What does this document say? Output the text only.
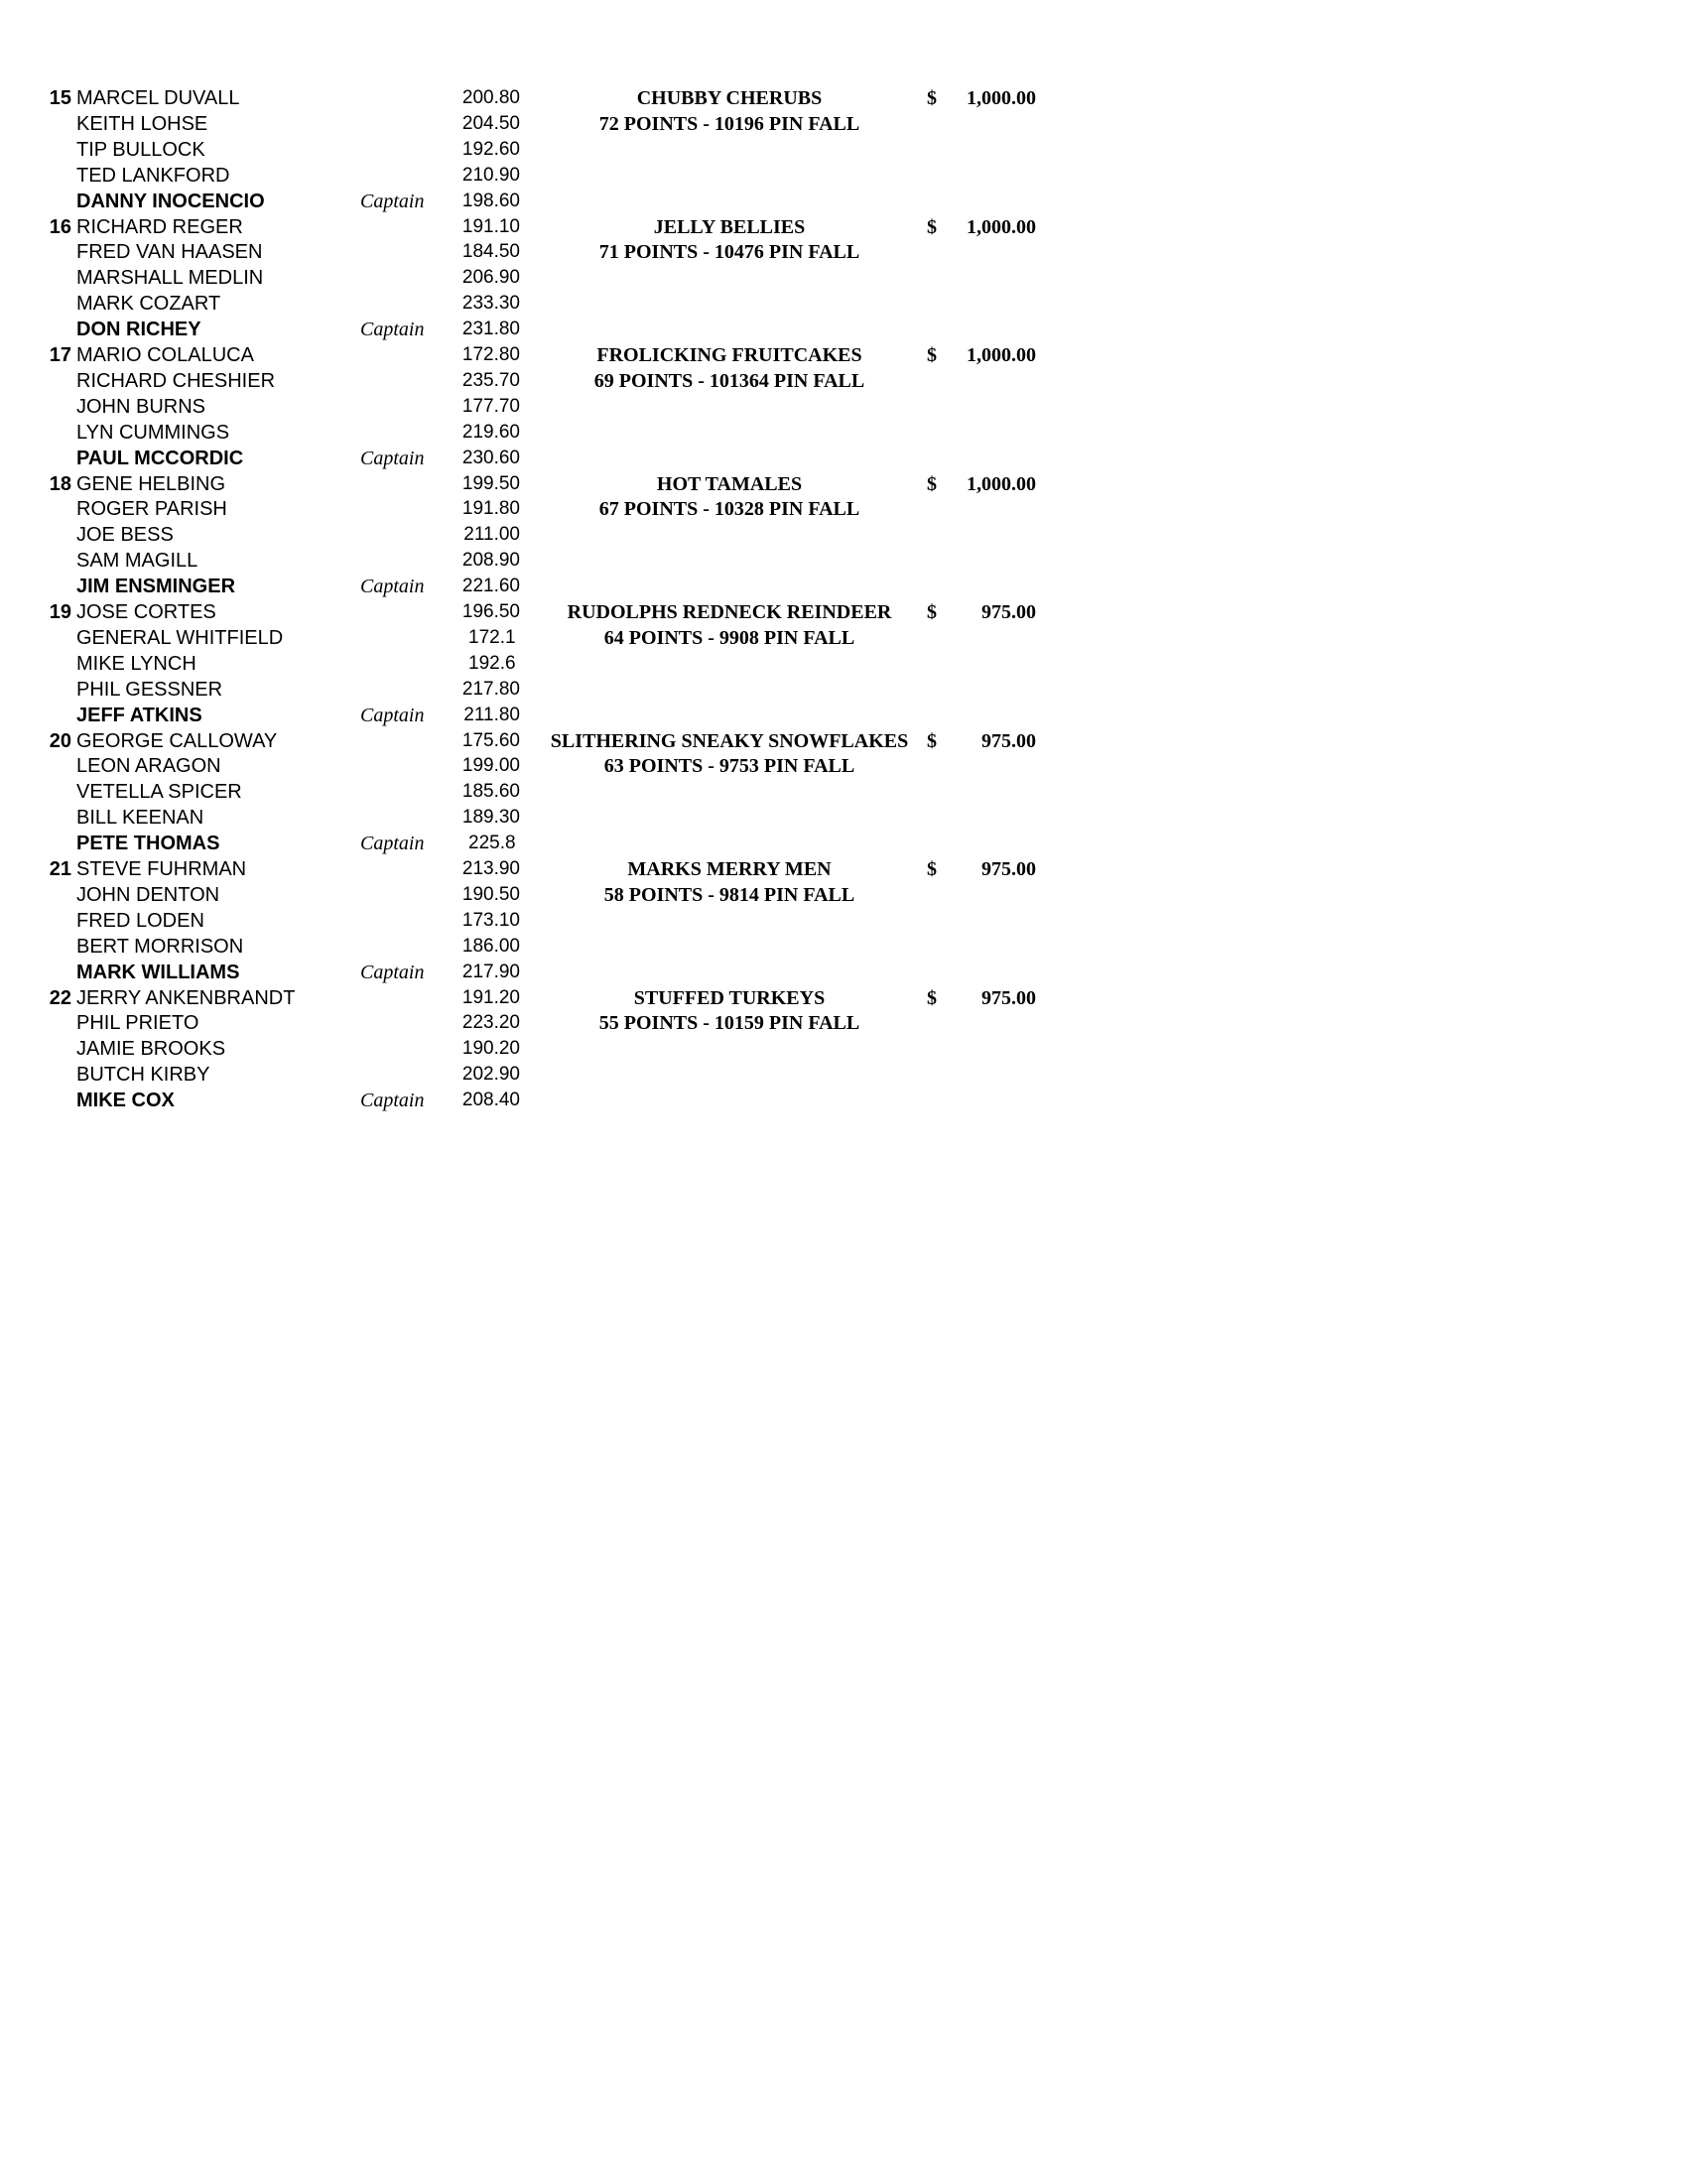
15 MARCEL DUVALL	200.80	CHUBBY CHERUBS	$	1,000.00
KEITH LOHSE	204.50	72 POINTS - 10196 PIN FALL
TIP BULLOCK	192.60
TED LANKFORD	210.90
DANNY INOCENCIO	Captain	198.60
16 RICHARD REGER	191.10	JELLY BELLIES	$	1,000.00
FRED VAN HAASEN	184.50	71 POINTS - 10476 PIN FALL
MARSHALL MEDLIN	206.90
MARK COZART	233.30
DON RICHEY	Captain	231.80
17 MARIO COLALUCA	172.80	FROLICKING FRUITCAKES	$	1,000.00
RICHARD CHESHIER	235.70	69 POINTS - 101364 PIN FALL
JOHN BURNS	177.70
LYN CUMMINGS	219.60
PAUL MCCORDIC	Captain	230.60
18 GENE HELBING	199.50	HOT TAMALES	$	1,000.00
ROGER PARISH	191.80	67 POINTS - 10328 PIN FALL
JOE BESS	211.00
SAM MAGILL	208.90
JIM ENSMINGER	Captain	221.60
19 JOSE CORTES	196.50	RUDOLPHS REDNECK REINDEER	$	975.00
GENERAL WHITFIELD	172.1	64 POINTS - 9908 PIN FALL
MIKE LYNCH	192.6
PHIL GESSNER	217.80
JEFF ATKINS	Captain	211.80
20 GEORGE CALLOWAY	175.60	SLITHERING SNEAKY SNOWFLAKES $	975.00
LEON ARAGON	199.00	63 POINTS - 9753 PIN FALL
VETELLA SPICER	185.60
BILL KEENAN	189.30
PETE THOMAS	Captain 225.8
21 STEVE FUHRMAN	213.90	MARKS MERRY MEN	$	975.00
JOHN DENTON	190.50	58 POINTS - 9814 PIN FALL
FRED LODEN	173.10
BERT MORRISON	186.00
MARK WILLIAMS	Captain	217.90
22 JERRY ANKENBRANDT	191.20	STUFFED TURKEYS	$	975.00
PHIL PRIETO	223.20	55 POINTS - 10159 PIN FALL
JAMIE BROOKS	190.20
BUTCH KIRBY	202.90
MIKE COX	Captain	208.40
